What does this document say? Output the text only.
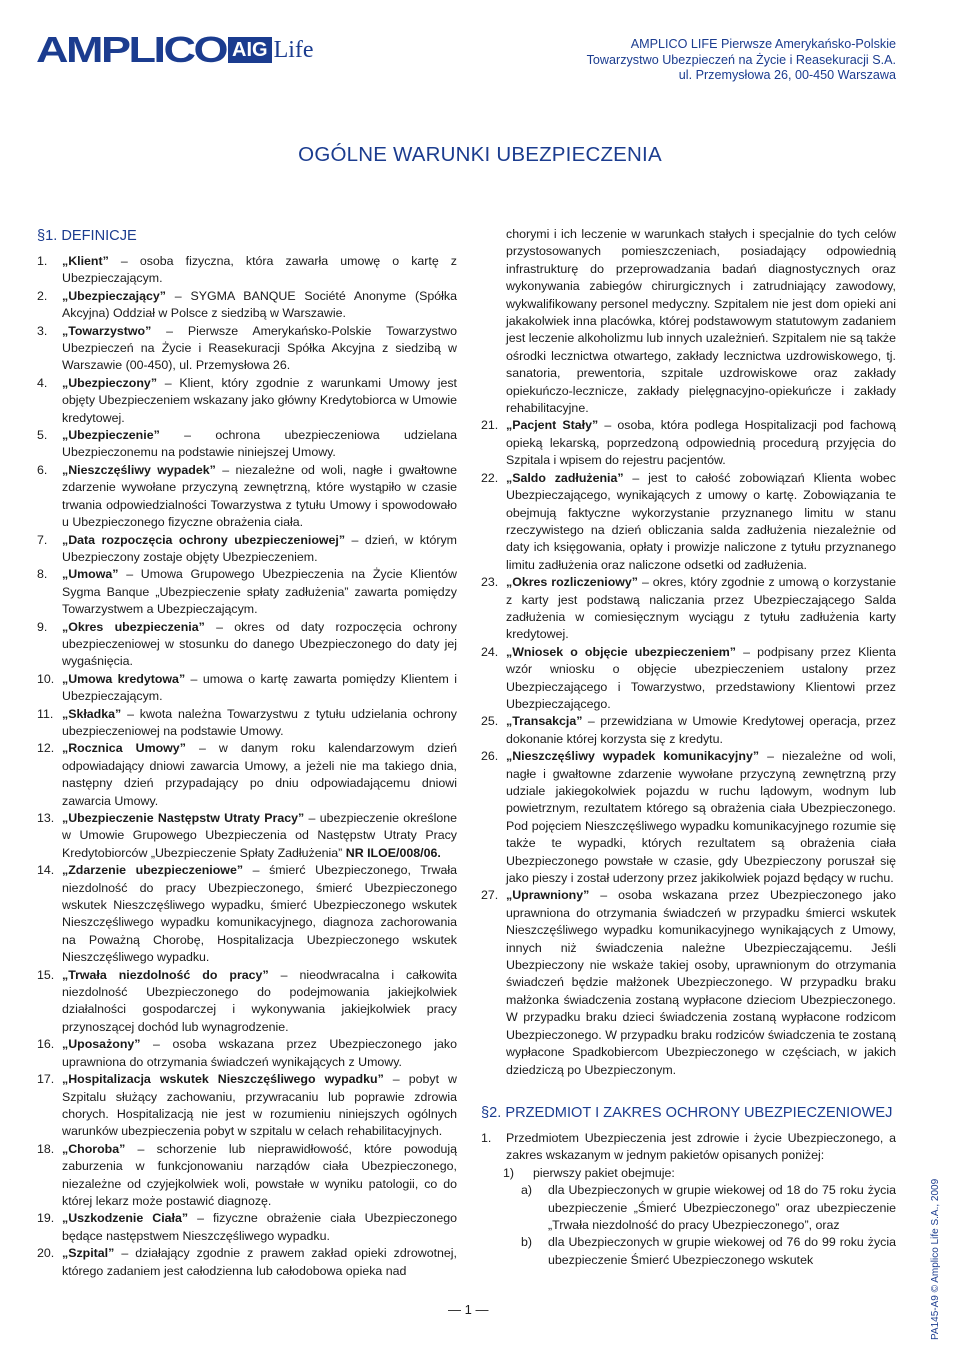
AMPLICO AIG Life	AMPLICO LIFE Pierwsze Amerykańsko-Polskie
Towarzystwo Ubezpieczeń na Życie i Reasekuracji S.A.
ul. Przemysłowa 26, 00-450 Warszawa
OGÓLNE WARUNKI UBEZPIECZENIA
§1. DEFINICJE
1. „Klient” – osoba fizyczna, która zawarła umowę o kartę z Ubezpieczającym.
2. „Ubezpieczający” – SYGMA BANQUE Société Anonyme (Spółka Akcyjna) Oddział w Polsce z siedzibą w Warszawie.
3. „Towarzystwo” – Pierwsze Amerykańsko-Polskie Towarzystwo Ubezpieczeń na Życie i Reasekuracji Spółka Akcyjna z siedzibą w Warszawie (00-450), ul. Przemysłowa 26.
4. „Ubezpieczony” – Klient, który zgodnie z warunkami Umowy jest objęty Ubezpieczeniem wskazany jako główny Kredytobiorca w Umowie kredytowej.
5. „Ubezpieczenie” – ochrona ubezpieczeniowa udzielana Ubezpieczonemu na podstawie niniejszej Umowy.
6. „Nieszczęśliwy wypadek” – niezależne od woli, nagłe i gwałtowne zdarzenie wywołane przyczyną zewnętrzną, które wystąpiło w czasie trwania odpowiedzialności Towarzystwa z tytułu Umowy i spowodowało u Ubezpieczonego fizyczne obrażenia ciała.
7. „Data rozpoczęcia ochrony ubezpieczeniowej” – dzień, w którym Ubezpieczony zostaje objęty Ubezpieczeniem.
8. „Umowa” – Umowa Grupowego Ubezpieczenia na Życie Klientów Sygma Banque „Ubezpieczenie spłaty zadłużenia” zawarta pomiędzy Towarzystwem a Ubezpieczającym.
9. „Okres ubezpieczenia” – okres od daty rozpoczęcia ochrony ubezpieczeniowej w stosunku do danego Ubezpieczonego do daty jej wygaśnięcia.
10. „Umowa kredytowa” – umowa o kartę zawarta pomiędzy Klientem i Ubezpieczającym.
11. „Składka” – kwota należna Towarzystwu z tytułu udzielania ochrony ubezpieczeniowej na podstawie Umowy.
12. „Rocznica Umowy” – w danym roku kalendarzowym dzień odpowiadający dniowi zawarcia Umowy, a jeżeli nie ma takiego dnia, następny dzień przypadający po dniu odpowiadającemu dniowi zawarcia Umowy.
13. „Ubezpieczenie Następstw Utraty Pracy” – ubezpieczenie określone w Umowie Grupowego Ubezpieczenia od Następstw Utraty Pracy Kredytobiorców „Ubezpieczenie Spłaty Zadłużenia” NR ILOE/008/06.
14. „Zdarzenie ubezpieczeniowe” – śmierć Ubezpieczonego, Trwała niezdolność do pracy Ubezpieczonego, śmierć Ubezpieczonego wskutek Nieszczęśliwego wypadku, śmierć Ubezpieczonego wskutek Nieszczęśliwego wypadku komunikacyjnego, diagnoza zachorowania na Poważną Chorobę, Hospitalizacja Ubezpieczonego wskutek Nieszczęśliwego wypadku.
15. „Trwała niezdolność do pracy” – nieodwracalna i całkowita niezdolność Ubezpieczonego do podejmowania jakiejkolwiek działalności gospodarczej i wykonywania jakiejkolwiek pracy przynoszącej dochód lub wynagrodzenie.
16. „Uposażony” – osoba wskazana przez Ubezpieczonego jako uprawniona do otrzymania świadczeń wynikających z Umowy.
17. „Hospitalizacja wskutek Nieszczęśliwego wypadku” – pobyt w Szpitalu służący zachowaniu, przywracaniu lub poprawie zdrowia chorych. Hospitalizacją nie jest w rozumieniu niniejszych ogólnych warunków ubezpieczenia pobyt w szpitalu w celach rehabilitacyjnych.
18. „Choroba” – schorzenie lub nieprawidłowość, które powodują zaburzenia w funkcjonowaniu narządów ciała Ubezpieczonego, niezależne od czyjejkolwiek woli, powstałe w wyniku patologii, co do której lekarz może postawić diagnozę.
19. „Uszkodzenie Ciała” – fizyczne obrażenie ciała Ubezpieczonego będące następstwem Nieszczęśliwego wypadku.
20. „Szpital” – działający zgodnie z prawem zakład opieki zdrowotnej, którego zadaniem jest całodzienna lub całodobowa opieka nad

chorymi i ich leczenie w warunkach stałych i specjalnie do tych celów przystosowanych pomieszczeniach, posiadający odpowiednią infrastrukturę do przeprowadzania badań diagnostycznych oraz wykonywania zabiegów chirurgicznych i zatrudniający zawodowy, wykwalifikowany personel medyczny. Szpitalem nie jest dom opieki ani jakakolwiek inna placówka, której podstawowym statutowym zadaniem jest leczenie alkoholizmu lub innych uzależnień. Szpitalem nie są także ośrodki lecznictwa otwartego, zakłady lecznictwa uzdrowiskowego, tj. sanatoria, prewentoria, szpitale uzdrowiskowe oraz zakłady opiekuńczo-lecznicze, zakłady pielęgnacyjno-opiekuńcze i zakłady rehabilitacyjne.

21. „Pacjent Stały” – osoba, która podlega Hospitalizacji pod fachową opieką lekarską, poprzedzoną odpowiednią procedurą przyjęcia do Szpitala i wpisem do rejestru pacjentów.
22. „Saldo zadłużenia” – jest to całość zobowiązań Klienta wobec Ubezpieczającego, wynikających z umowy o kartę. Zobowiązania te obejmują faktyczne wykorzystanie przyznanego limitu w stanu rzeczywistego na dzień obliczania salda zadłużenia niezależnie od daty ich księgowania, opłaty i prowizje naliczone z tytułu przyznanego limitu zadłużenia oraz naliczone odsetki od zadłużenia.
23. „Okres rozliczeniowy” – okres, który zgodnie z umową o korzystanie z karty jest podstawą naliczania przez Ubezpieczającego Salda zadłużenia w comiesięcznym wyciągu z tytułu zadłużenia karty kredytowej.
24. „Wniosek o objęcie ubezpieczeniem” – podpisany przez Klienta wzór wniosku o objęcie ubezpieczeniem ustalony przez Ubezpieczającego i Towarzystwo, przedstawiony Klientowi przez Ubezpieczającego.
25. „Transakcja” – przewidziana w Umowie Kredytowej operacja, przez dokonanie której korzysta się z kredytu.
26. „Nieszczęśliwy wypadek komunikacyjny” – niezależne od woli, nagłe i gwałtowne zdarzenie wywołane przyczyną zewnętrzną przy udziale jakiegokolwiek pojazdu w ruchu lądowym, wodnym lub powietrznym, rezultatem którego są obrażenia ciała Ubezpieczonego. Pod pojęciem Nieszczęśliwego wypadku komunikacyjnego rozumie się także te wypadki, których rezultatem są obrażenia ciała Ubezpieczonego powstałe w czasie, gdy Ubezpieczony poruszał się jako pieszy i został uderzony przez jakikolwiek pojazd będący w ruchu.
27. „Uprawniony” – osoba wskazana przez Ubezpieczonego jako uprawniona do otrzymania świadczeń w przypadku śmierci wskutek Nieszczęśliwego wypadku komunikacyjnego wynikających z Umowy, innych niż świadczenia należne Ubezpieczającemu. Jeśli Ubezpieczony nie wskaże takiej osoby, uprawnionym do otrzymania świadczeń będzie małżonek Ubezpieczonego. W przypadku braku małżonka świadczenia zostaną wypłacone dzieciom Ubezpieczonego. W przypadku braku dzieci świadczenia zostaną wypłacone rodzicom Ubezpieczonego. W przypadku braku rodziców świadczenia te zostaną wypłacone Spadkobiercom Ubezpieczonego w częściach, w jakich dziedziczą po Ubezpieczonym.
§2. PRZEDMIOT I ZAKRES OCHRONY UBEZPIECZENIOWEJ
1. Przedmiotem Ubezpieczenia jest zdrowie i życie Ubezpieczonego, a zakres wskazanym w jednym pakietów opisanych poniżej:
1) pierwszy pakiet obejmuje:
a) dla Ubezpieczonych w grupie wiekowej od 18 do 75 roku życia ubezpieczenie „Śmierć Ubezpieczonego” oraz ubezpieczenie „Trwała niezdolność do pracy Ubezpieczonego”, oraz
b) dla Ubezpieczonych w grupie wiekowej od 76 do 99 roku życia ubezpieczenie Śmierć Ubezpieczonego wskutek
— 1 —	PA145-A9 © Amplico Life S.A., 2009
